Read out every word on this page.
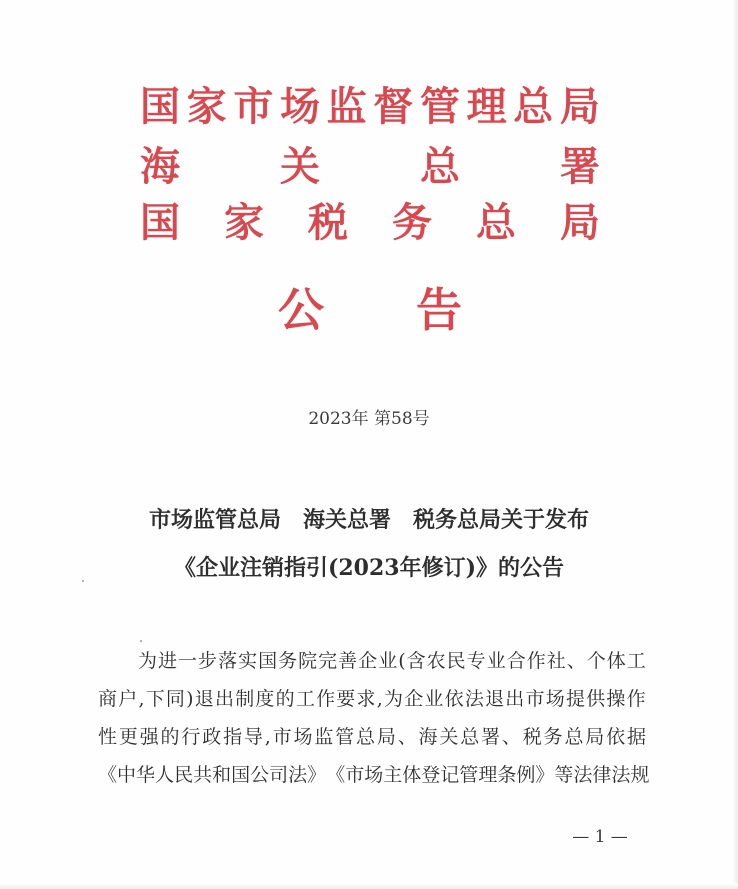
国 家 市 场 监 督 管 理 总 局
海	关	总	署
国 家 税 务 总 局
公 告
2023年 第58号
市场监管总局　海关总署　税务总局关于发布
《企业注销指引(2023年修订)》的公告
为 进 一 步 落 实 国 务 院 完 善 企 业 ( 含 农 民 专 业 合 作 社 、 个 体 工
商 户 , 下 同 ) 退 出 制 度 的 工 作 要 求 , 为 企 业 依 法 退 出 市 场 提 供 操 作
性 更 强 的 行 政 指 导 , 市 场 监 管 总 局 、 海 关 总 署 、 税 务 总 局 依 据
《 中 华 人 民 共 和 国 公 司 法 》 《 市 场 主 体 登 记 管 理 条 例 》 等 法 律 法 规
— 1 —
